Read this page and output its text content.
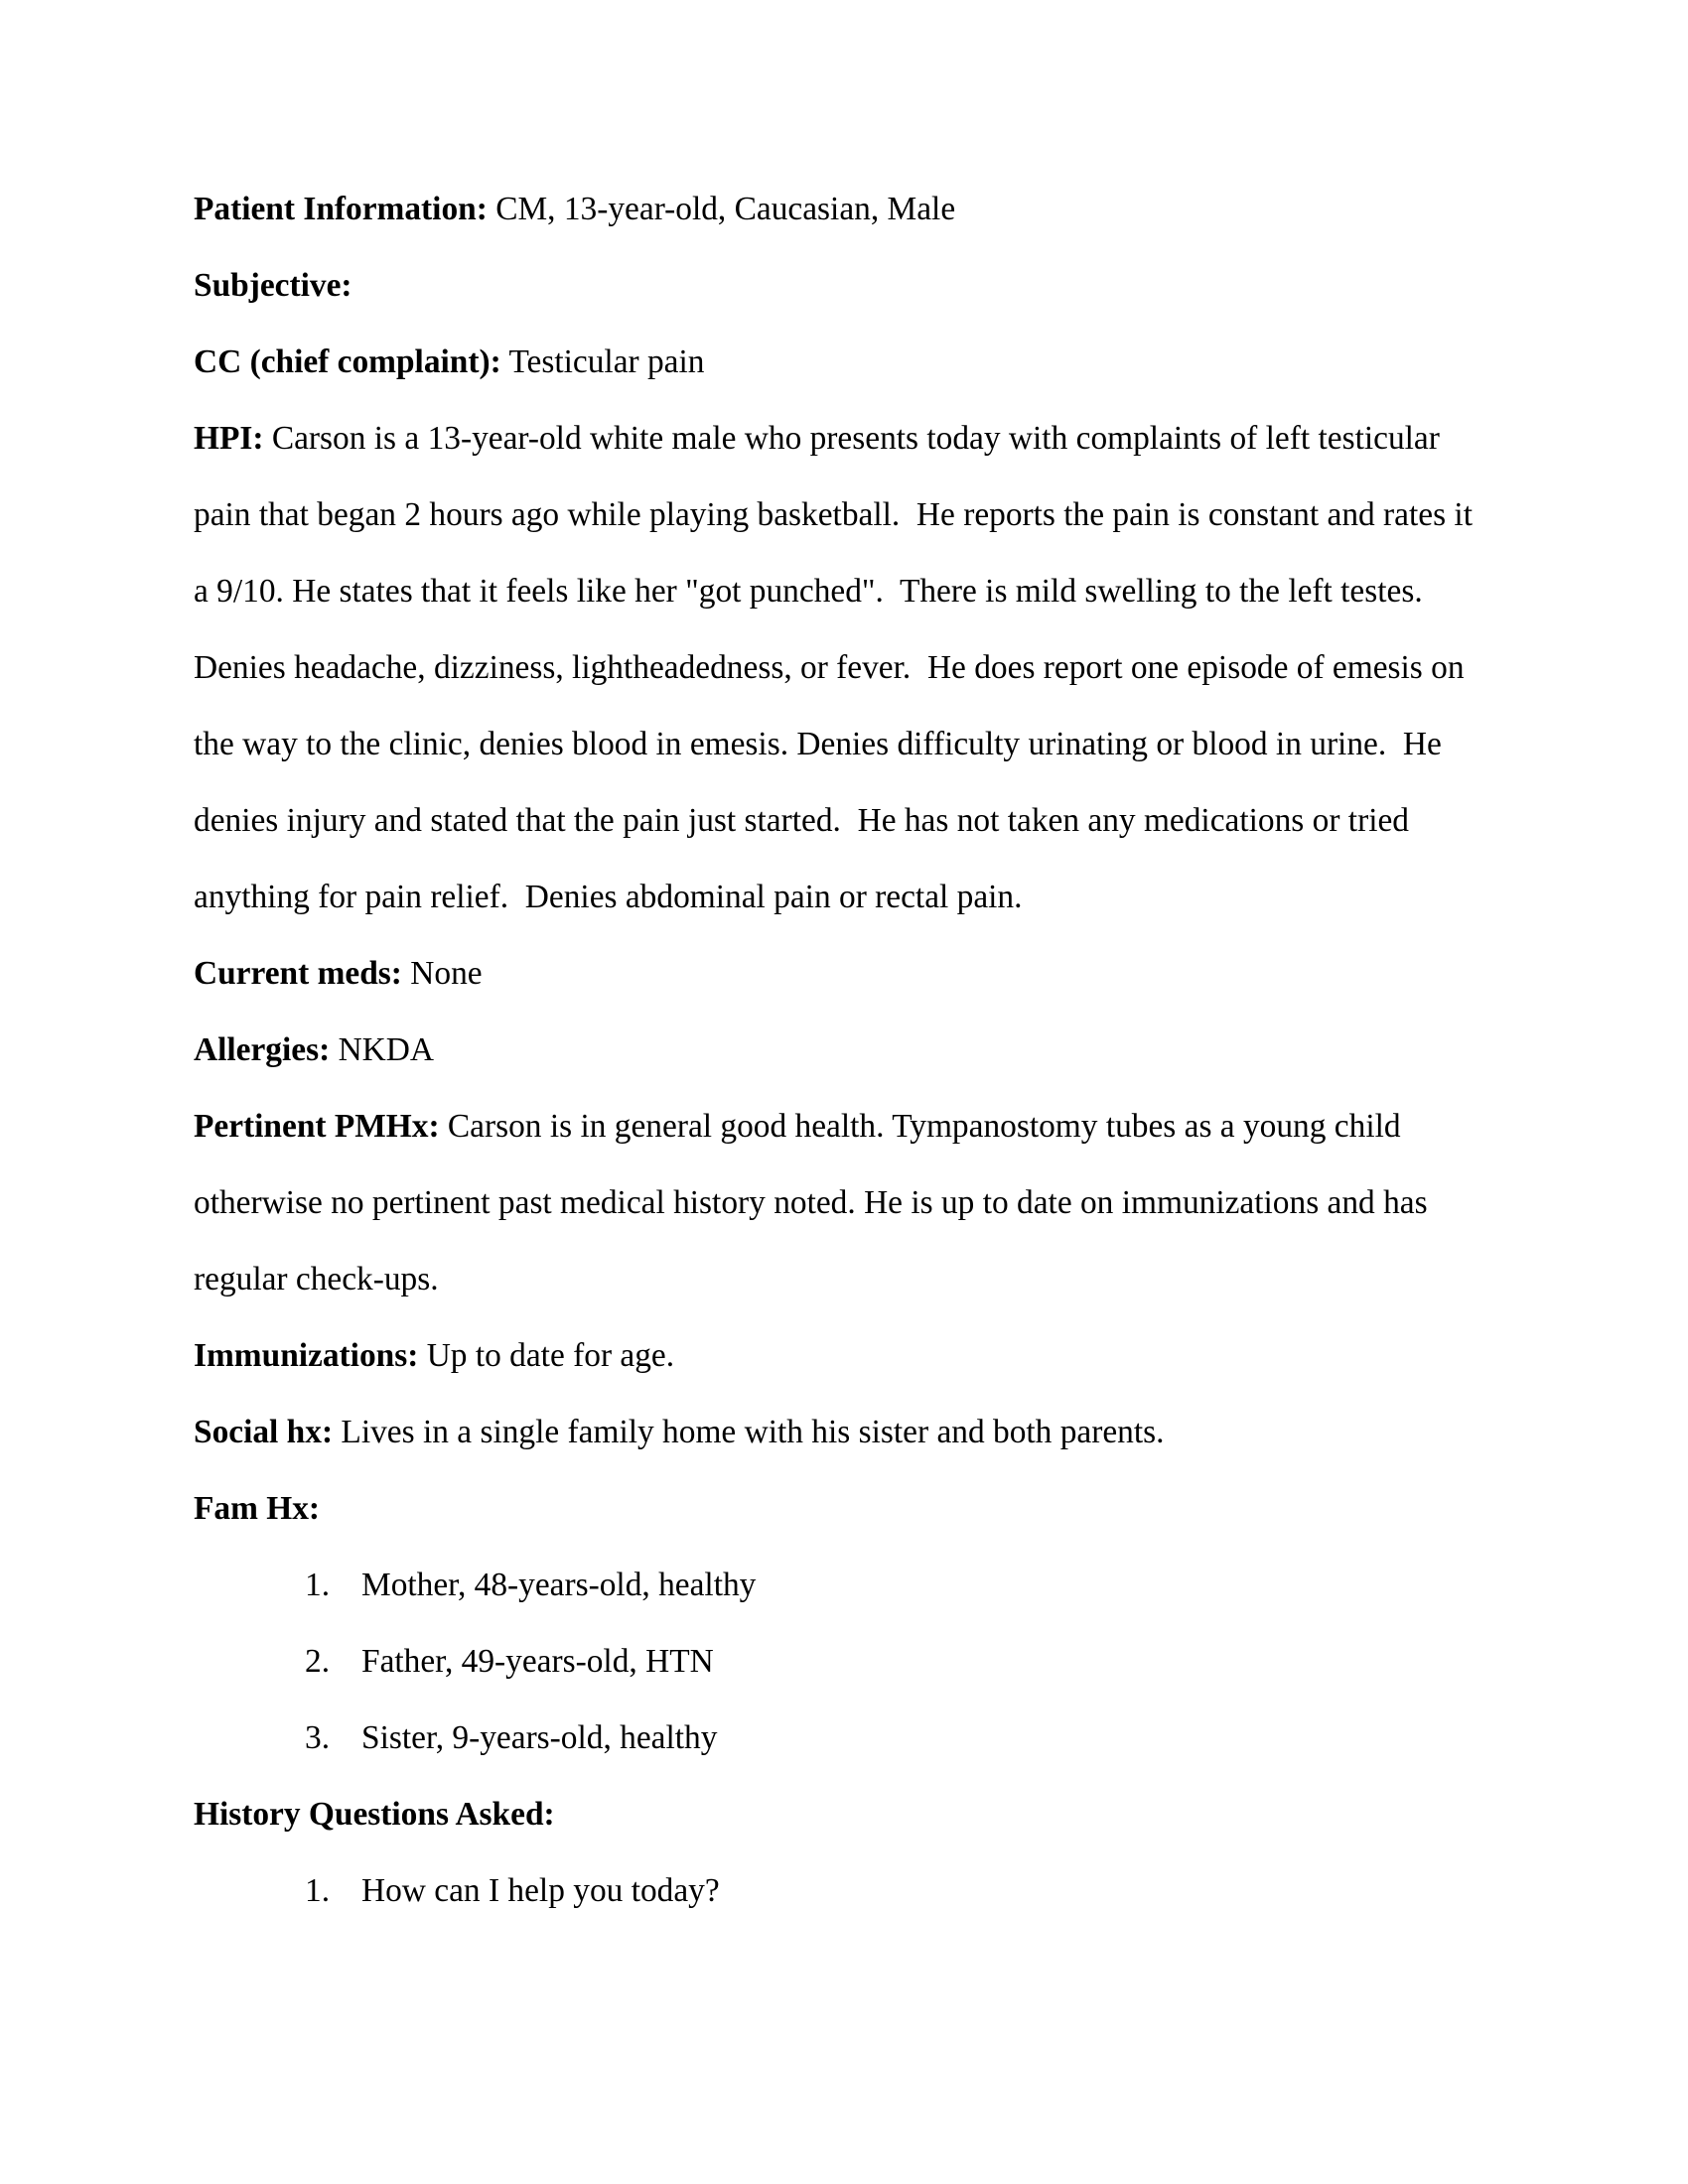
Patient Information: CM, 13-year-old, Caucasian, Male

Subjective:

CC (chief complaint): Testicular pain

HPI: Carson is a 13-year-old white male who presents today with complaints of left testicular pain that began 2 hours ago while playing basketball.  He reports the pain is constant and rates it a 9/10. He states that it feels like her "got punched".  There is mild swelling to the left testes.  Denies headache, dizziness, lightheadedness, or fever.  He does report one episode of emesis on the way to the clinic, denies blood in emesis. Denies difficulty urinating or blood in urine.  He denies injury and stated that the pain just started.  He has not taken any medications or tried anything for pain relief.  Denies abdominal pain or rectal pain.

Current meds: None

Allergies: NKDA

Pertinent PMHx: Carson is in general good health. Tympanostomy tubes as a young child otherwise no pertinent past medical history noted. He is up to date on immunizations and has regular check-ups.

Immunizations: Up to date for age.

Social hx: Lives in a single family home with his sister and both parents.

Fam Hx:

1. Mother, 48-years-old, healthy
2. Father, 49-years-old, HTN
3. Sister, 9-years-old, healthy

History Questions Asked:

1. How can I help you today?
